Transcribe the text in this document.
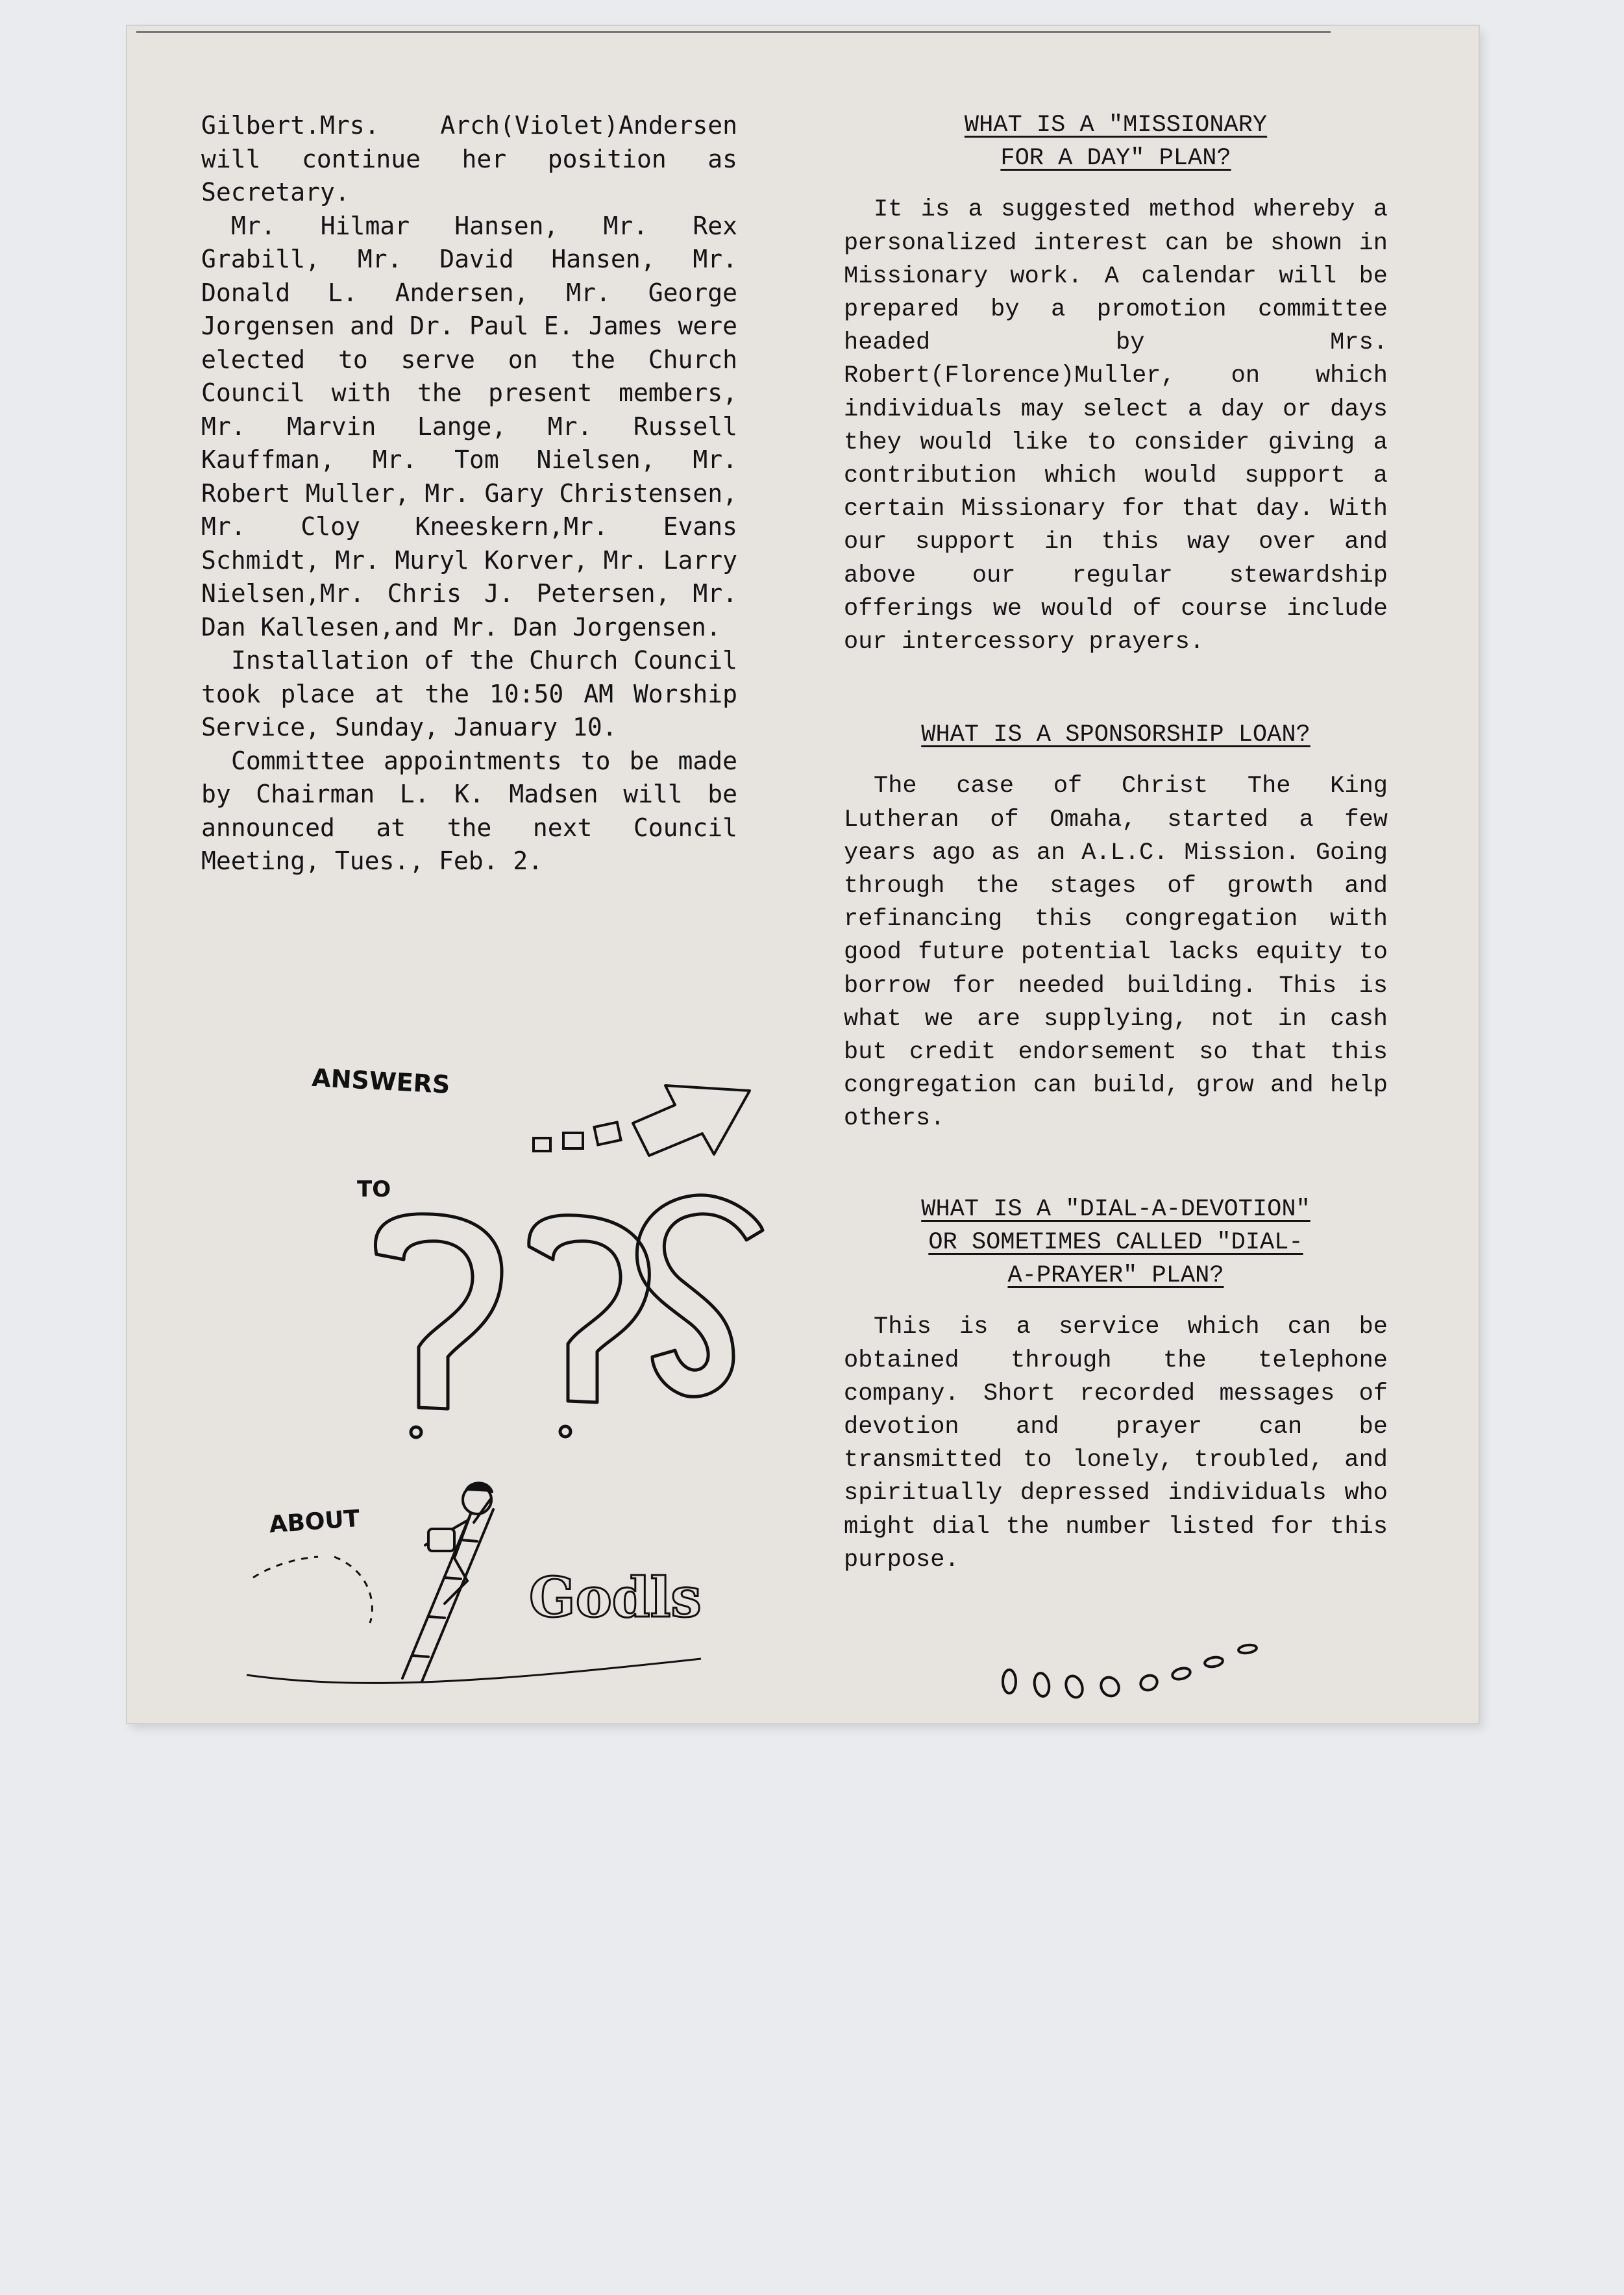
Gilbert.Mrs. Arch(Violet)Andersen will continue her position as Secretary.

Mr. Hilmar Hansen, Mr. Rex Grabill, Mr. David Hansen, Mr. Donald L. Andersen, Mr. George Jorgensen and Dr. Paul E. James were elected to serve on the Church Council with the present members, Mr. Marvin Lange, Mr. Russell Kauffman, Mr. Tom Nielsen, Mr. Robert Muller, Mr. Gary Christensen, Mr. Cloy Kneeskern,Mr. Evans Schmidt, Mr. Muryl Korver, Mr. Larry Nielsen,Mr. Chris J. Petersen, Mr. Dan Kallesen,and Mr. Dan Jorgensen.

Installation of the Church Council took place at the 10:50 AM Worship Service, Sunday, January 10.

Committee appointments to be made by Chairman L. K. Madsen will be announced at the next Council Meeting, Tues., Feb. 2.

ANSWERS
TO
ABOUT
Godls
WHAT IS A "MISSIONARY
FOR A DAY" PLAN?

It is a suggested method whereby a personalized interest can be shown in Missionary work. A calendar will be prepared by a promotion committee headed by Mrs. Robert(Florence)Muller, on which individuals may select a day or days they would like to consider giving a contribution which would support a certain Missionary for that day. With our support in this way over and above our regular stewardship offerings we would of course include our intercessory prayers.

WHAT IS A SPONSORSHIP LOAN?

The case of Christ The King Lutheran of Omaha, started a few years ago as an A.L.C. Mission. Going through the stages of growth and refinancing this congregation with good future potential lacks equity to borrow for needed building. This is what we are supplying, not in cash but credit endorsement so that this congregation can build, grow and help others.

WHAT IS A "DIAL-A-DEVOTION"
OR SOMETIMES CALLED "DIAL-
A-PRAYER" PLAN?

This is a service which can be obtained through the telephone company. Short recorded messages of devotion and prayer can be transmitted to lonely, troubled, and spiritually depressed individuals who might dial the number listed for this purpose.
